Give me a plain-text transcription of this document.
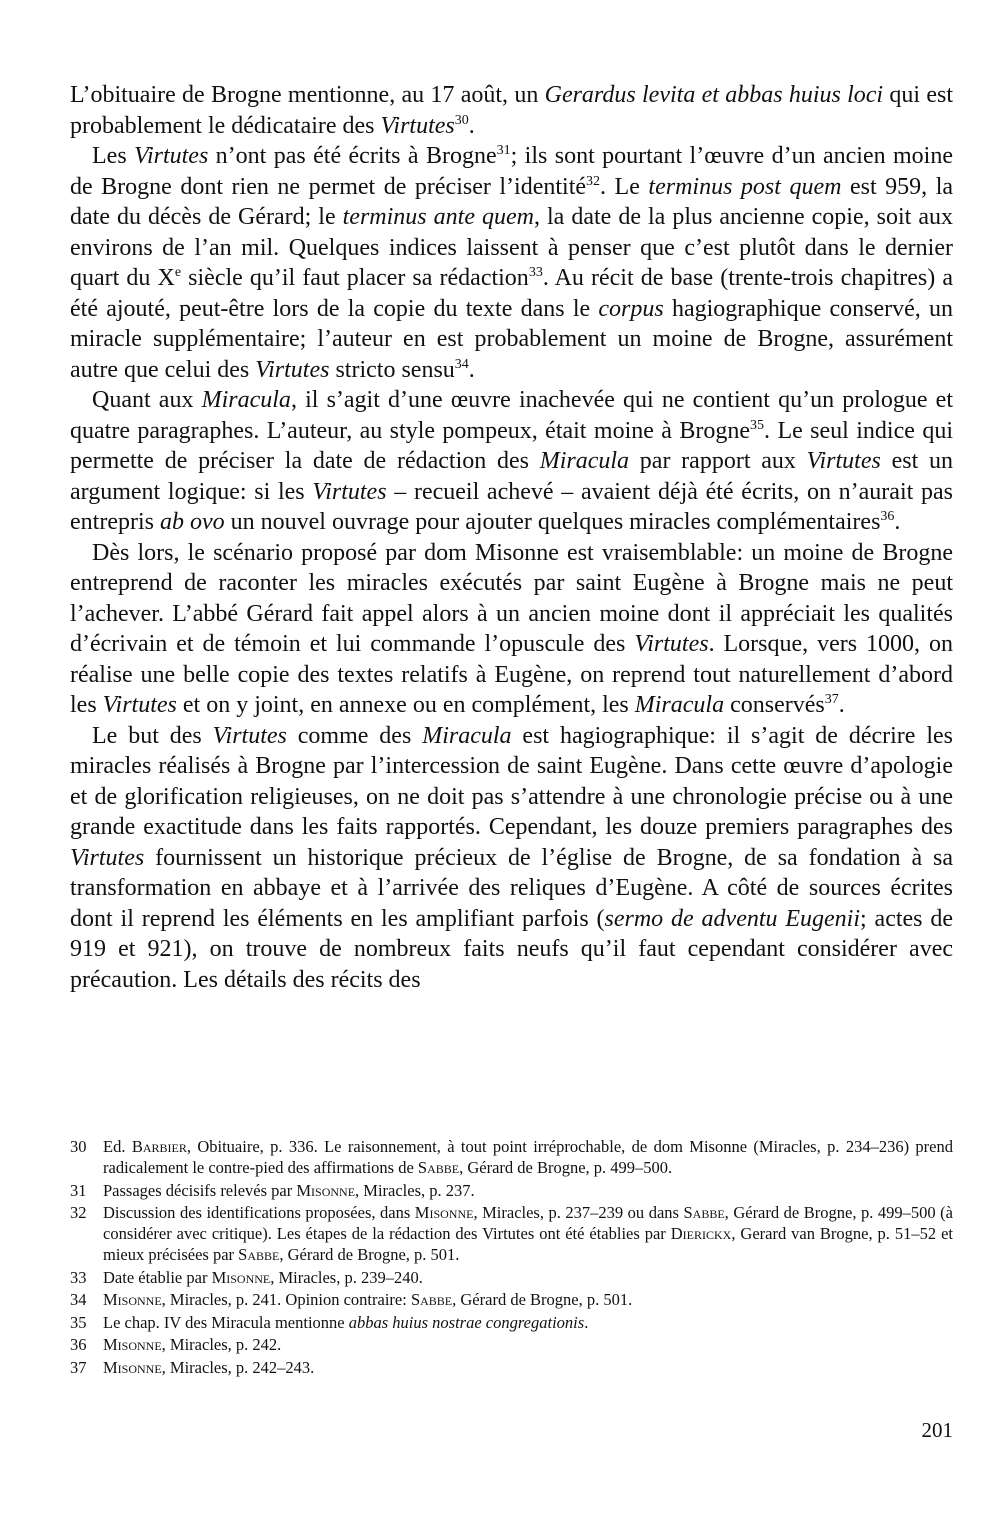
L’obituaire de Brogne mentionne, au 17 août, un Gerardus levita et abbas huius loci qui est probablement le dédicataire des Virtutes$^{30}$.

Les Virtutes n’ont pas été écrits à Brogne$^{31}$; ils sont pourtant l’œuvre d’un ancien moine de Brogne dont rien ne permet de préciser l’identité$^{32}$. Le terminus post quem est 959, la date du décès de Gérard; le terminus ante quem, la date de la plus ancienne copie, soit aux environs de l’an mil. Quelques indices laissent à penser que c’est plutôt dans le dernier quart du Xe siècle qu’il faut placer sa rédaction$^{33}$. Au récit de base (trente-trois chapitres) a été ajouté, peut-être lors de la copie du texte dans le corpus hagiographique conservé, un miracle supplémentaire; l’auteur en est probablement un moine de Brogne, assurément autre que celui des Virtutes stricto sensu$^{34}$.

Quant aux Miracula, il s’agit d’une œuvre inachevée qui ne contient qu’un prologue et quatre paragraphes. L’auteur, au style pompeux, était moine à Brogne$^{35}$. Le seul indice qui permette de préciser la date de rédaction des Miracula par rapport aux Virtutes est un argument logique: si les Virtutes – recueil achevé – avaient déjà été écrits, on n’aurait pas entrepris ab ovo un nouvel ouvrage pour ajouter quelques miracles complémentaires$^{36}$.

Dès lors, le scénario proposé par dom Misonne est vraisemblable: un moine de Brogne entreprend de raconter les miracles exécutés par saint Eugène à Brogne mais ne peut l’achever. L’abbé Gérard fait appel alors à un ancien moine dont il appréciait les qualités d’écrivain et de témoin et lui commande l’opuscule des Virtutes. Lorsque, vers 1000, on réalise une belle copie des textes relatifs à Eugène, on reprend tout naturellement d’abord les Virtutes et on y joint, en annexe ou en complément, les Miracula conservés$^{37}$.

Le but des Virtutes comme des Miracula est hagiographique: il s’agit de décrire les miracles réalisés à Brogne par l’intercession de saint Eugène. Dans cette œuvre d’apologie et de glorification religieuses, on ne doit pas s’attendre à une chronologie précise ou à une grande exactitude dans les faits rapportés. Cependant, les douze premiers paragraphes des Virtutes fournissent un historique précieux de l’église de Brogne, de sa fondation à sa transformation en abbaye et à l’arrivée des reliques d’Eugène. A côté de sources écrites dont il reprend les éléments en les amplifiant parfois (sermo de adventu Eugenii; actes de 919 et 921), on trouve de nombreux faits neufs qu’il faut cependant considérer avec précaution. Les détails des récits des

30 Ed. Barbier, Obituaire, p. 336. Le raisonnement, à tout point irréprochable, de dom Misonne (Miracles, p. 234–236) prend radicalement le contre-pied des affirmations de Sabbe, Gérard de Brogne, p. 499–500.
31 Passages décisifs relevés par Misonne, Miracles, p. 237.
32 Discussion des identifications proposées, dans Misonne, Miracles, p. 237–239 ou dans Sabbe, Gérard de Brogne, p. 499–500 (à considérer avec critique). Les étapes de la rédaction des Virtutes ont été établies par Dierickx, Gerard van Brogne, p. 51–52 et mieux précisées par Sabbe, Gérard de Brogne, p. 501.
33 Date établie par Misonne, Miracles, p. 239–240.
34 Misonne, Miracles, p. 241. Opinion contraire: Sabbe, Gérard de Brogne, p. 501.
35 Le chap. IV des Miracula mentionne abbas huius nostrae congregationis.
36 Misonne, Miracles, p. 242.
37 Misonne, Miracles, p. 242–243.
201
